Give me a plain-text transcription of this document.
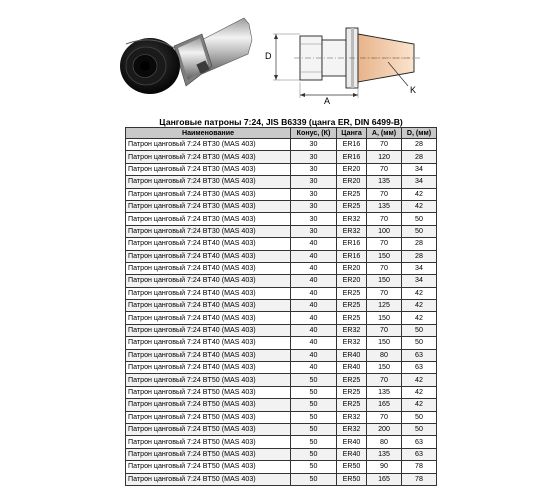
D
A
K
Цанговые патроны 7:24, JIS B6339 (цанга ER, DIN 6499-B)
Наименование	Конус, (К)	Цанга	A, (мм)	D, (мм)
Патрон цанговый 7:24 BT30 (MAS 403)	30	ER16	70	28
Патрон цанговый 7:24 BT30 (MAS 403)	30	ER16	120	28
Патрон цанговый 7:24 BT30 (MAS 403)	30	ER20	70	34
Патрон цанговый 7:24 BT30 (MAS 403)	30	ER20	135	34
Патрон цанговый 7:24 BT30 (MAS 403)	30	ER25	70	42
Патрон цанговый 7:24 BT30 (MAS 403)	30	ER25	135	42
Патрон цанговый 7:24 BT30 (MAS 403)	30	ER32	70	50
Патрон цанговый 7:24 BT30 (MAS 403)	30	ER32	100	50
Патрон цанговый 7:24 BT40 (MAS 403)	40	ER16	70	28
Патрон цанговый 7:24 BT40 (MAS 403)	40	ER16	150	28
Патрон цанговый 7:24 BT40 (MAS 403)	40	ER20	70	34
Патрон цанговый 7:24 BT40 (MAS 403)	40	ER20	150	34
Патрон цанговый 7:24 BT40 (MAS 403)	40	ER25	70	42
Патрон цанговый 7:24 BT40 (MAS 403)	40	ER25	125	42
Патрон цанговый 7:24 BT40 (MAS 403)	40	ER25	150	42
Патрон цанговый 7:24 BT40 (MAS 403)	40	ER32	70	50
Патрон цанговый 7:24 BT40 (MAS 403)	40	ER32	150	50
Патрон цанговый 7:24 BT40 (MAS 403)	40	ER40	80	63
Патрон цанговый 7:24 BT40 (MAS 403)	40	ER40	150	63
Патрон цанговый 7:24 BT50 (MAS 403)	50	ER25	70	42
Патрон цанговый 7:24 BT50 (MAS 403)	50	ER25	135	42
Патрон цанговый 7:24 BT50 (MAS 403)	50	ER25	165	42
Патрон цанговый 7:24 BT50 (MAS 403)	50	ER32	70	50
Патрон цанговый 7:24 BT50 (MAS 403)	50	ER32	200	50
Патрон цанговый 7:24 BT50 (MAS 403)	50	ER40	80	63
Патрон цанговый 7:24 BT50 (MAS 403)	50	ER40	135	63
Патрон цанговый 7:24 BT50 (MAS 403)	50	ER50	90	78
Патрон цанговый 7:24 BT50 (MAS 403)	50	ER50	165	78
